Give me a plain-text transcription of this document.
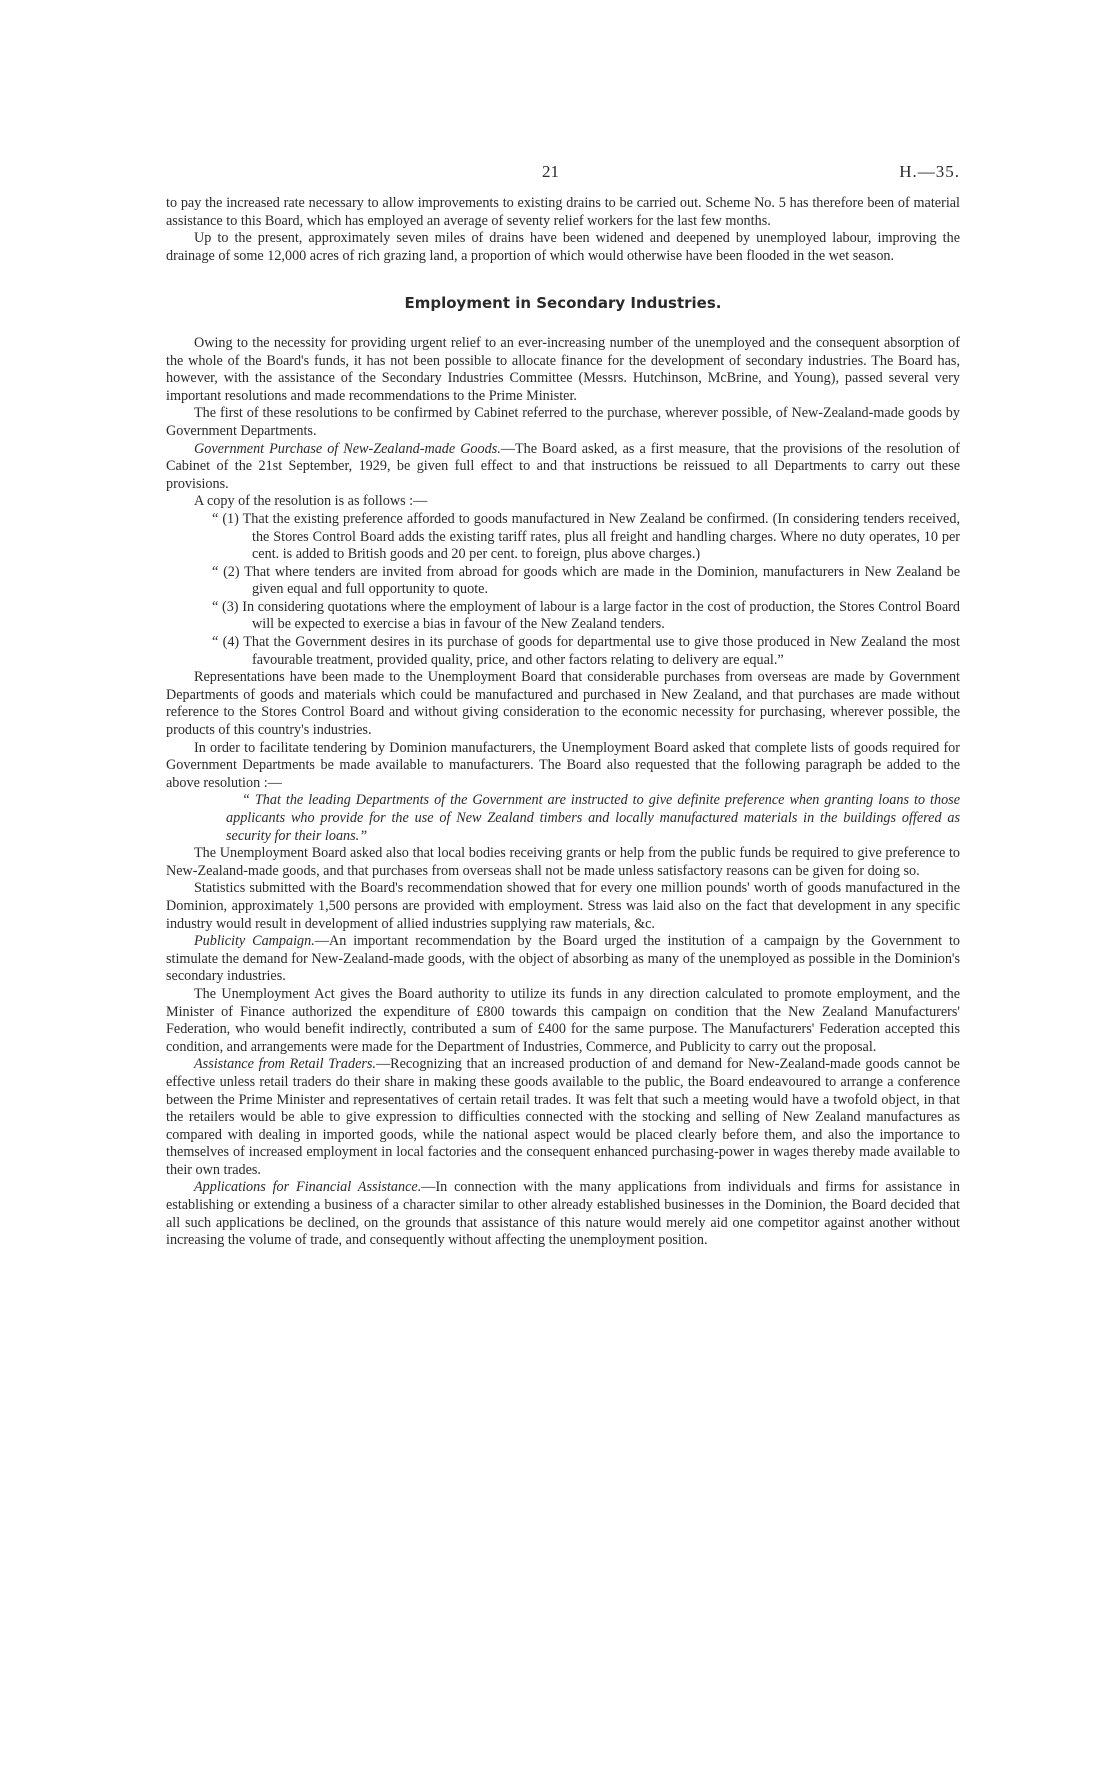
21	H.—35.

to pay the increased rate necessary to allow improvements to existing drains to be carried out. Scheme No. 5 has therefore been of material assistance to this Board, which has employed an average of seventy relief workers for the last few months.

Up to the present, approximately seven miles of drains have been widened and deepened by unemployed labour, improving the drainage of some 12,000 acres of rich grazing land, a proportion of which would otherwise have been flooded in the wet season.

Employment in Secondary Industries.

Owing to the necessity for providing urgent relief to an ever-increasing number of the unemployed and the consequent absorption of the whole of the Board's funds, it has not been possible to allocate finance for the development of secondary industries. The Board has, however, with the assistance of the Secondary Industries Committee (Messrs. Hutchinson, McBrine, and Young), passed several very important resolutions and made recommendations to the Prime Minister.

The first of these resolutions to be confirmed by Cabinet referred to the purchase, wherever possible, of New-Zealand-made goods by Government Departments.

Government Purchase of New-Zealand-made Goods.—The Board asked, as a first measure, that the provisions of the resolution of Cabinet of the 21st September, 1929, be given full effect to and that instructions be reissued to all Departments to carry out these provisions.

A copy of the resolution is as follows :—

“ (1) That the existing preference afforded to goods manufactured in New Zealand be confirmed. (In considering tenders received, the Stores Control Board adds the existing tariff rates, plus all freight and handling charges. Where no duty operates, 10 per cent. is added to British goods and 20 per cent. to foreign, plus above charges.)

“ (2) That where tenders are invited from abroad for goods which are made in the Dominion, manufacturers in New Zealand be given equal and full opportunity to quote.

“ (3) In considering quotations where the employment of labour is a large factor in the cost of production, the Stores Control Board will be expected to exercise a bias in favour of the New Zealand tenders.

“ (4) That the Government desires in its purchase of goods for departmental use to give those produced in New Zealand the most favourable treatment, provided quality, price, and other factors relating to delivery are equal.”

Representations have been made to the Unemployment Board that considerable purchases from overseas are made by Government Departments of goods and materials which could be manufactured and purchased in New Zealand, and that purchases are made without reference to the Stores Control Board and without giving consideration to the economic necessity for purchasing, wherever possible, the products of this country's industries.

In order to facilitate tendering by Dominion manufacturers, the Unemployment Board asked that complete lists of goods required for Government Departments be made available to manufacturers. The Board also requested that the following paragraph be added to the above resolution :—

“ That the leading Departments of the Government are instructed to give definite preference when granting loans to those applicants who provide for the use of New Zealand timbers and locally manufactured materials in the buildings offered as security for their loans.”

The Unemployment Board asked also that local bodies receiving grants or help from the public funds be required to give preference to New-Zealand-made goods, and that purchases from overseas shall not be made unless satisfactory reasons can be given for doing so.

Statistics submitted with the Board's recommendation showed that for every one million pounds' worth of goods manufactured in the Dominion, approximately 1,500 persons are provided with employment. Stress was laid also on the fact that development in any specific industry would result in development of allied industries supplying raw materials, &c.

Publicity Campaign.—An important recommendation by the Board urged the institution of a campaign by the Government to stimulate the demand for New-Zealand-made goods, with the object of absorbing as many of the unemployed as possible in the Dominion's secondary industries.

The Unemployment Act gives the Board authority to utilize its funds in any direction calculated to promote employment, and the Minister of Finance authorized the expenditure of £800 towards this campaign on condition that the New Zealand Manufacturers' Federation, who would benefit indirectly, contributed a sum of £400 for the same purpose. The Manufacturers' Federation accepted this condition, and arrangements were made for the Department of Industries, Commerce, and Publicity to carry out the proposal.

Assistance from Retail Traders.—Recognizing that an increased production of and demand for New-Zealand-made goods cannot be effective unless retail traders do their share in making these goods available to the public, the Board endeavoured to arrange a conference between the Prime Minister and representatives of certain retail trades. It was felt that such a meeting would have a twofold object, in that the retailers would be able to give expression to difficulties connected with the stocking and selling of New Zealand manufactures as compared with dealing in imported goods, while the national aspect would be placed clearly before them, and also the importance to themselves of increased employment in local factories and the consequent enhanced purchasing-power in wages thereby made available to their own trades.

Applications for Financial Assistance.—In connection with the many applications from individuals and firms for assistance in establishing or extending a business of a character similar to other already established businesses in the Dominion, the Board decided that all such applications be declined, on the grounds that assistance of this nature would merely aid one competitor against another without increasing the volume of trade, and consequently without affecting the unemployment position.
